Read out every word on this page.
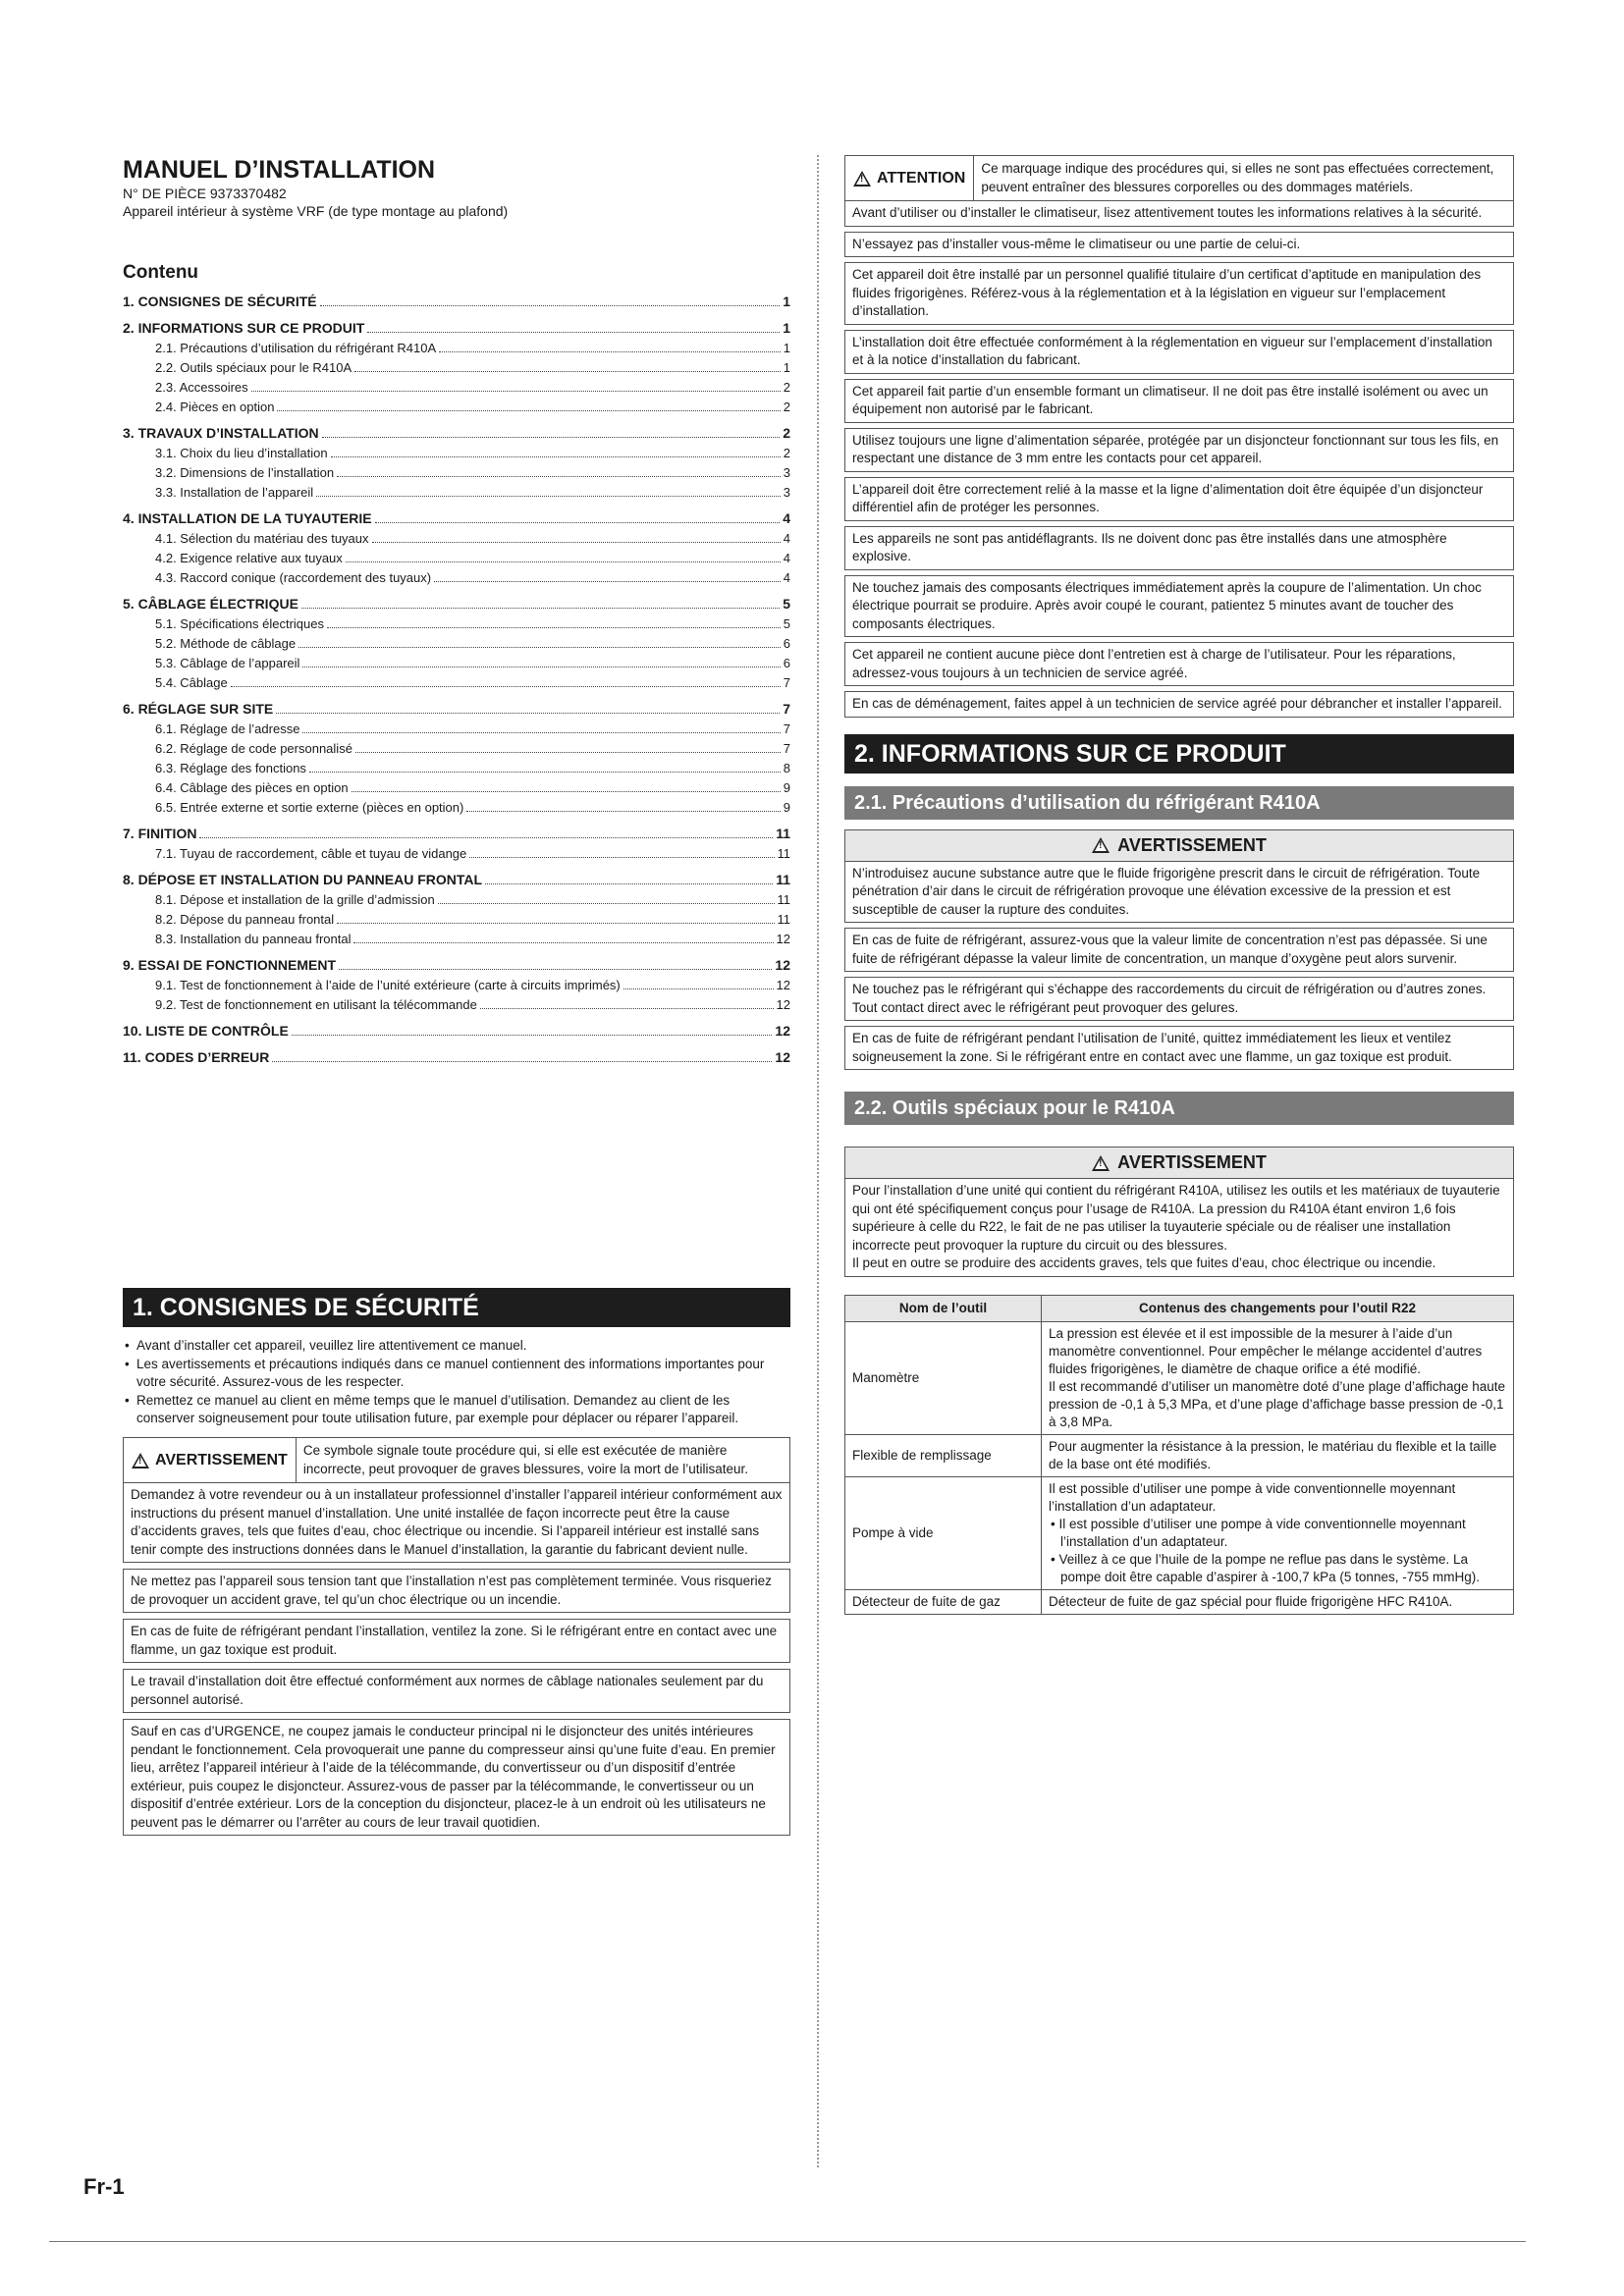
MANUEL D’INSTALLATION
N° DE PIÈCE 9373370482
Appareil intérieur à système VRF (de type montage au plafond)
Contenu
1. CONSIGNES DE SÉCURITÉ	1
2. INFORMATIONS SUR CE PRODUIT	1
2.1. Précautions d’utilisation du réfrigérant R410A	1
2.2. Outils spéciaux pour le R410A	1
2.3. Accessoires	2
2.4. Pièces en option	2
3. TRAVAUX D’INSTALLATION	2
3.1. Choix du lieu d’installation	2
3.2. Dimensions de l’installation	3
3.3. Installation de l’appareil	3
4. INSTALLATION DE LA TUYAUTERIE	4
4.1. Sélection du matériau des tuyaux	4
4.2. Exigence relative aux tuyaux	4
4.3. Raccord conique (raccordement des tuyaux)	4
5. CÂBLAGE ÉLECTRIQUE	5
5.1. Spécifications électriques	5
5.2. Méthode de câblage	6
5.3. Câblage de l’appareil	6
5.4. Câblage	7
6. RÉGLAGE SUR SITE	7
6.1. Réglage de l’adresse	7
6.2. Réglage de code personnalisé	7
6.3. Réglage des fonctions	8
6.4. Câblage des pièces en option	9
6.5. Entrée externe et sortie externe (pièces en option)	9
7. FINITION	11
7.1. Tuyau de raccordement, câble et tuyau de vidange	11
8. DÉPOSE ET INSTALLATION DU PANNEAU FRONTAL	11
8.1. Dépose et installation de la grille d’admission	11
8.2. Dépose du panneau frontal	11
8.3. Installation du panneau frontal	12
9. ESSAI DE FONCTIONNEMENT	12
9.1. Test de fonctionnement à l’aide de l’unité extérieure (carte à circuits imprimés)	12
9.2. Test de fonctionnement en utilisant la télécommande	12
10. LISTE DE CONTRÔLE	12
11. CODES D’ERREUR	12
1. CONSIGNES DE SÉCURITÉ
• Avant d’installer cet appareil, veuillez lire attentivement ce manuel.
• Les avertissements et précautions indiqués dans ce manuel contiennent des informations importantes pour votre sécurité. Assurez-vous de les respecter.
• Remettez ce manuel au client en même temps que le manuel d’utilisation. Demandez au client de les conserver soigneusement pour toute utilisation future, par exemple pour déplacer ou réparer l’appareil.
!
AVERTISSEMENT
Ce symbole signale toute procédure qui, si elle est exécutée de manière incorrecte, peut provoquer de graves blessures, voire la mort de l’utilisateur.
Demandez à votre revendeur ou à un installateur professionnel d’installer l’appareil intérieur conformément aux instructions du présent manuel d’installation. Une unité installée de façon incorrecte peut être la cause d’accidents graves, tels que fuites d’eau, choc électrique ou incendie. Si l’appareil intérieur est installé sans tenir compte des instructions données dans le Manuel d’installation, la garantie du fabricant devient nulle.
Ne mettez pas l’appareil sous tension tant que l’installation n’est pas complètement terminée. Vous risqueriez de provoquer un accident grave, tel qu’un choc électrique ou un incendie.
En cas de fuite de réfrigérant pendant l’installation, ventilez la zone. Si le réfrigérant entre en contact avec une flamme, un gaz toxique est produit.
Le travail d’installation doit être effectué conformément aux normes de câblage nationales seulement par du personnel autorisé.
Sauf en cas d’URGENCE, ne coupez jamais le conducteur principal ni le disjoncteur des unités intérieures pendant le fonctionnement. Cela provoquerait une panne du compresseur ainsi qu’une fuite d’eau. En premier lieu, arrêtez l’appareil intérieur à l’aide de la télécommande, du convertisseur ou d’un dispositif d’entrée extérieur, puis coupez le disjoncteur. Assurez-vous de passer par la télécommande, le convertisseur ou un dispositif d’entrée extérieur. Lors de la conception du disjoncteur, placez-le à un endroit où les utilisateurs ne peuvent pas le démarrer ou l’arrêter au cours de leur travail quotidien.
!
ATTENTION
Ce marquage indique des procédures qui, si elles ne sont pas effectuées correctement, peuvent entraîner des blessures corporelles ou des dommages matériels.
Avant d’utiliser ou d’installer le climatiseur, lisez attentivement toutes les informations relatives à la sécurité.
N’essayez pas d’installer vous-même le climatiseur ou une partie de celui-ci.
Cet appareil doit être installé par un personnel qualifié titulaire d’un certificat d’aptitude en manipulation des fluides frigorigènes. Référez-vous à la réglementation et à la législation en vigueur sur l’emplacement d’installation.
L’installation doit être effectuée conformément à la réglementation en vigueur sur l’emplacement d’installation et à la notice d’installation du fabricant.
Cet appareil fait partie d’un ensemble formant un climatiseur. Il ne doit pas être installé isolément ou avec un équipement non autorisé par le fabricant.
Utilisez toujours une ligne d’alimentation séparée, protégée par un disjoncteur fonctionnant sur tous les fils, en respectant une distance de 3 mm entre les contacts pour cet appareil.
L’appareil doit être correctement relié à la masse et la ligne d’alimentation doit être équipée d’un disjoncteur différentiel afin de protéger les personnes.
Les appareils ne sont pas antidéflagrants. Ils ne doivent donc pas être installés dans une atmosphère explosive.
Ne touchez jamais des composants électriques immédiatement après la coupure de l’alimentation. Un choc électrique pourrait se produire. Après avoir coupé le courant, patientez 5 minutes avant de toucher des composants électriques.
Cet appareil ne contient aucune pièce dont l’entretien est à charge de l’utilisateur. Pour les réparations, adressez-vous toujours à un technicien de service agréé.
En cas de déménagement, faites appel à un technicien de service agréé pour débrancher et installer l’appareil.
2. INFORMATIONS SUR CE PRODUIT
2.1. Précautions d’utilisation du réfrigérant R410A
!
AVERTISSEMENT
N’introduisez aucune substance autre que le fluide frigorigène prescrit dans le circuit de réfrigération. Toute pénétration d’air dans le circuit de réfrigération provoque une élévation excessive de la pression et est susceptible de causer la rupture des conduites.
En cas de fuite de réfrigérant, assurez-vous que la valeur limite de concentration n’est pas dépassée. Si une fuite de réfrigérant dépasse la valeur limite de concentration, un manque d’oxygène peut alors survenir.
Ne touchez pas le réfrigérant qui s’échappe des raccordements du circuit de réfrigération ou d’autres zones. Tout contact direct avec le réfrigérant peut provoquer des gelures.
En cas de fuite de réfrigérant pendant l’utilisation de l’unité, quittez immédiatement les lieux et ventilez soigneusement la zone. Si le réfrigérant entre en contact avec une flamme, un gaz toxique est produit.
2.2. Outils spéciaux pour le R410A
!
AVERTISSEMENT
Pour l’installation d’une unité qui contient du réfrigérant R410A, utilisez les outils et les matériaux de tuyauterie qui ont été spécifiquement conçus pour l’usage de R410A. La pression du R410A étant environ 1,6 fois supérieure à celle du R22, le fait de ne pas utiliser la tuyauterie spéciale ou de réaliser une installation incorrecte peut provoquer la rupture du circuit ou des blessures.
Il peut en outre se produire des accidents graves, tels que fuites d’eau, choc électrique ou incendie.
Nom de l’outil	Contenus des changements pour l’outil R22
Manomètre	La pression est élevée et il est impossible de la mesurer à l’aide d’un manomètre conventionnel. Pour empêcher le mélange accidentel d’autres fluides frigorigènes, le diamètre de chaque orifice a été modifié.
Il est recommandé d’utiliser un manomètre doté d’une plage d’affichage haute pression de -0,1 à 5,3 MPa, et d’une plage d’affichage basse pression de -0,1 à 3,8 MPa.

Flexible de remplissage	Pour augmenter la résistance à la pression, le matériau du flexible et la taille de la base ont été modifiés.

Pompe à vide	Il est possible d’utiliser une pompe à vide conventionnelle moyennant l’installation d’un adaptateur.
• Il est possible d’utiliser une pompe à vide conventionnelle moyennant l’installation d’un adaptateur.
• Veillez à ce que l’huile de la pompe ne reflue pas dans le système. La pompe doit être capable d’aspirer à -100,7 kPa (5 tonnes, -755 mmHg).

Détecteur de fuite de gaz	Détecteur de fuite de gaz spécial pour fluide frigorigène HFC R410A.
Fr-1
